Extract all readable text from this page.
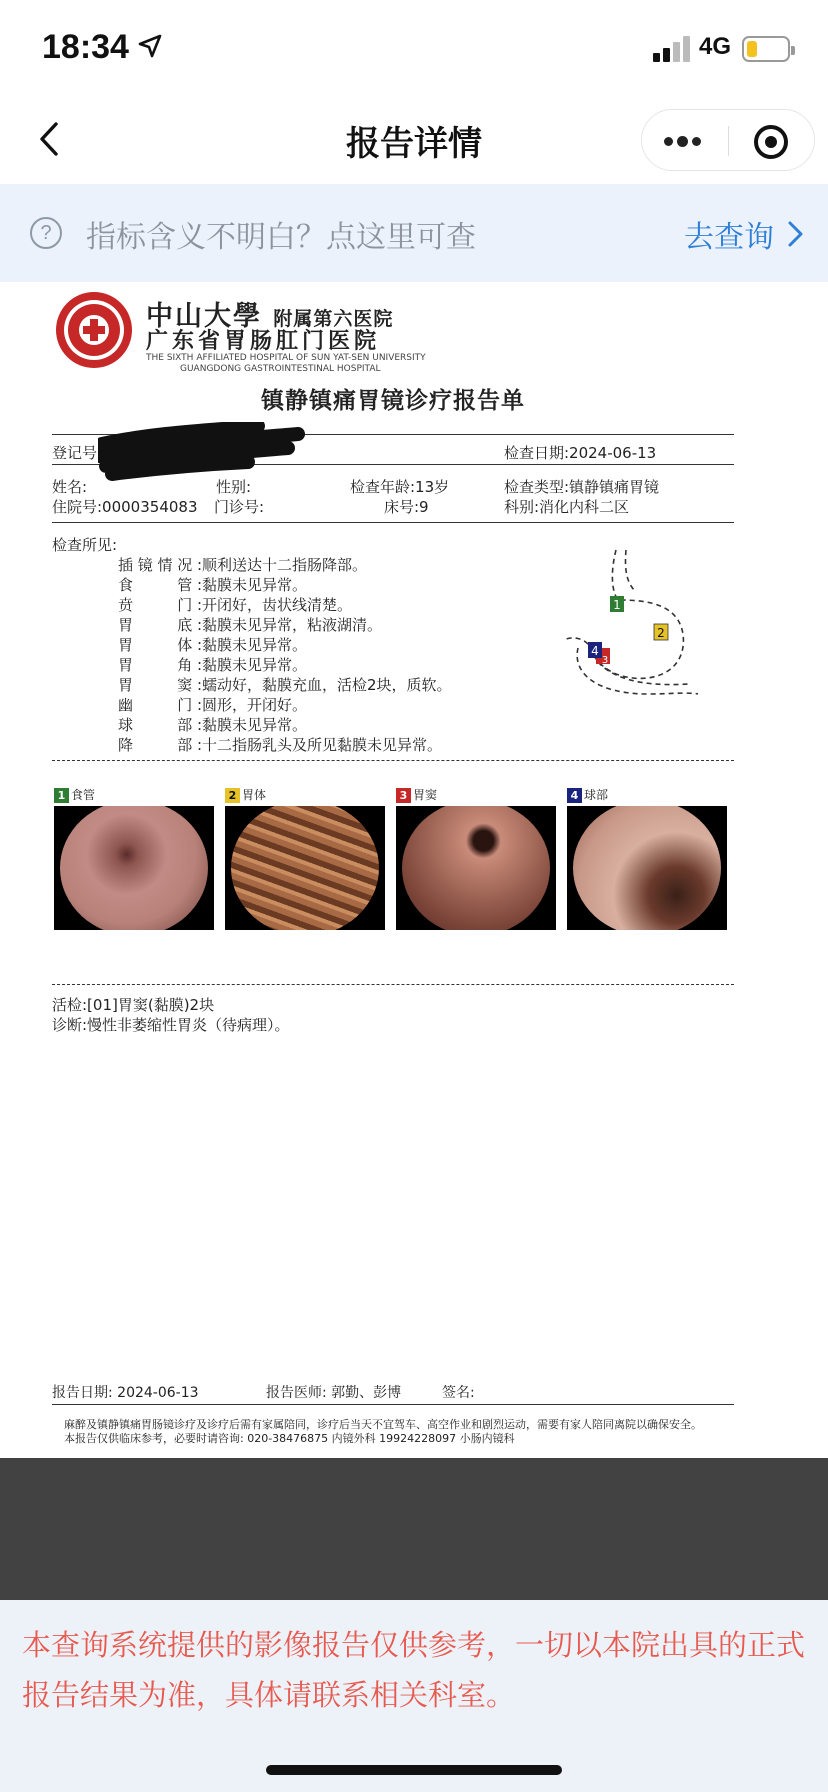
18:34	4G
报告详情
?	指标含义不明白？点这里可查	去查询
中山大學 附属第六医院
广东省胃肠肛门医院
THE SIXTH AFFILIATED HOSPITAL OF SUN YAT-SEN UNIVERSITY
GUANGDONG GASTROINTESTINAL HOSPITAL
镇静镇痛胃镜诊疗报告单
登记号:B20613102	检查日期:2024-06-13
姓名:	性别:	检查年龄:13岁	检查类型:镇静镇痛胃镜
住院号:0000354083 门诊号:	床号:9	科别:消化内科二区
检查所见:
插镜情况:顺利送达十二指肠降部。
食　　管:黏膜未见异常。
贲　　门:开闭好，齿状线清楚。
胃　　底:黏膜未见异常，粘液湖清。
胃　　体:黏膜未见异常。
胃　　角:黏膜未见异常。
胃　　窦:蠕动好，黏膜充血，活检2块，质软。
幽　　门:圆形，开闭好。
球　　部:黏膜未见异常。
降　　部:十二指肠乳头及所见黏膜未见异常。
1
2
4
3
1 食管	2 胃体	3 胃窦	4 球部
活检:[01]胃窦(黏膜)2块
诊断:慢性非萎缩性胃炎（待病理）。
报告日期: 2024-06-13	报告医师: 郭勤、彭博	签名:
麻醉及镇静镇痛胃肠镜诊疗及诊疗后需有家属陪同，诊疗后当天不宜驾车、高空作业和剧烈运动，需要有家人陪同离院以确保安全。
本报告仅供临床参考，必要时请咨询: 020-38476875 内镜外科 19924228097 小肠内镜科
本查询系统提供的影像报告仅供参考，一切以本院出具的正式报告结果为准，具体请联系相关科室。
